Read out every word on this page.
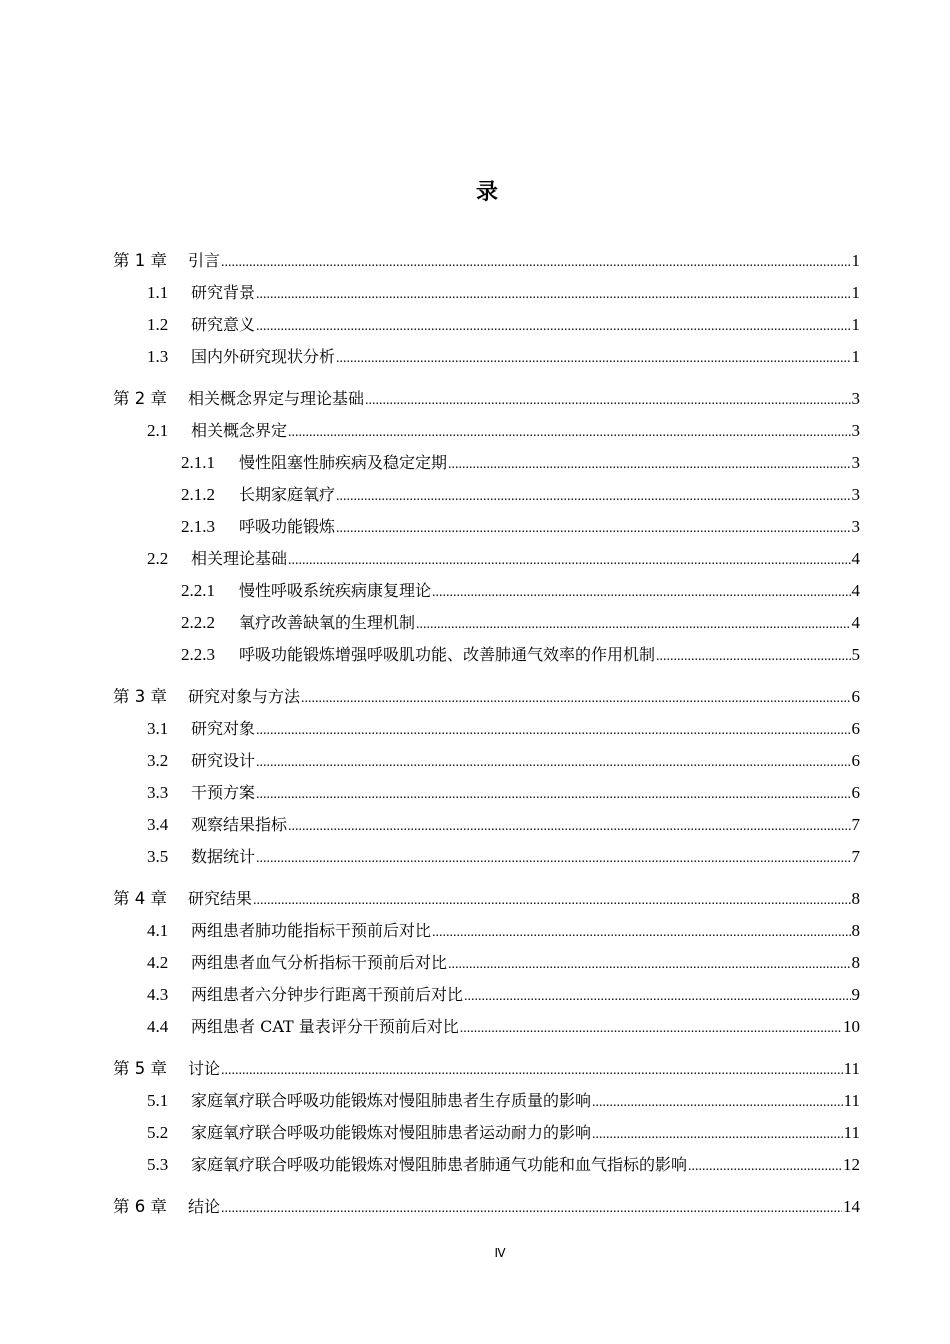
录
第 1 章	引言 .....	1
1.1	研究背景 .....	1
1.2	研究意义 .....	1
1.3	国内外研究现状分析 .....	1
第 2 章	相关概念界定与理论基础 .....	3
2.1	相关概念界定 .....	3
2.1.1	慢性阻塞性肺疾病及稳定定期 .....	3
2.1.2	长期家庭氧疗 .....	3
2.1.3	呼吸功能锻炼 .....	3
2.2	相关理论基础 .....	4
2.2.1	慢性呼吸系统疾病康复理论 .....	4
2.2.2	氧疗改善缺氧的生理机制 .....	4
2.2.3	呼吸功能锻炼增强呼吸肌功能、改善肺通气效率的作用机制 .....	5
第 3 章	研究对象与方法 .....	6
3.1	研究对象 .....	6
3.2	研究设计 .....	6
3.3	干预方案 .....	6
3.4	观察结果指标 .....	7
3.5	数据统计 .....	7
第 4 章	研究结果 .....	8
4.1	两组患者肺功能指标干预前后对比 .....	8
4.2	两组患者血气分析指标干预前后对比 .....	8
4.3	两组患者六分钟步行距离干预前后对比 .....	9
4.4	两组患者 CAT 量表评分干预前后对比 .....	10
第 5 章	讨论 .....	11
5.1	家庭氧疗联合呼吸功能锻炼对慢阻肺患者生存质量的影响 .....	11
5.2	家庭氧疗联合呼吸功能锻炼对慢阻肺患者运动耐力的影响 .....	11
5.3	家庭氧疗联合呼吸功能锻炼对慢阻肺患者肺通气功能和血气指标的影响 .....	12
第 6 章	结论 .....	14
Ⅳ
